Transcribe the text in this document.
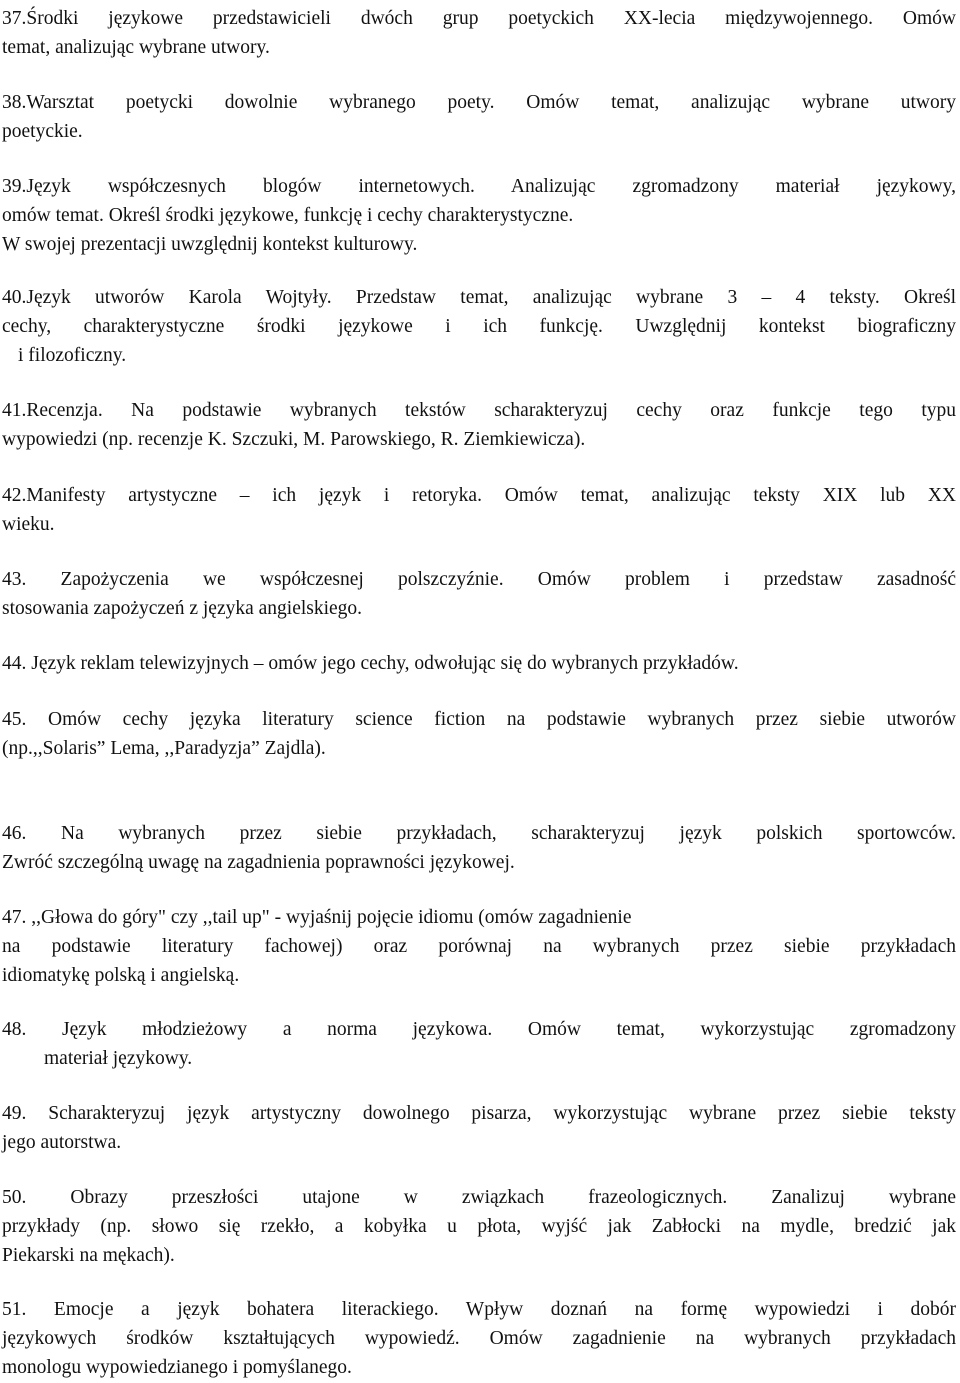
37.Środki językowe przedstawicieli dwóch grup poetyckich XX-lecia międzywojennego. Omów
temat, analizując wybrane utwory.
38.Warsztat poetycki dowolnie wybranego poety. Omów temat, analizując wybrane utwory
poetyckie.
39.Język współczesnych blogów internetowych. Analizując zgromadzony materiał językowy,
omów temat. Określ środki językowe, funkcję i cechy charakterystyczne.
W swojej prezentacji uwzględnij kontekst kulturowy.
40.Język utworów Karola Wojtyły. Przedstaw temat, analizując wybrane 3 – 4 teksty. Określ
cechy, charakterystyczne środki językowe i ich funkcję. Uwzględnij kontekst biograficzny
i filozoficzny.
41.Recenzja. Na podstawie wybranych tekstów scharakteryzuj cechy oraz funkcje tego typu
wypowiedzi (np. recenzje K. Szczuki, M. Parowskiego, R. Ziemkiewicza).
42.Manifesty artystyczne – ich język i retoryka. Omów temat, analizując teksty XIX lub XX
wieku.
43. Zapożyczenia we współczesnej polszczyźnie. Omów problem i przedstaw zasadność
stosowania zapożyczeń z języka angielskiego.
44. Język reklam telewizyjnych – omów jego cechy, odwołując się do wybranych przykładów.
45. Omów cechy języka literatury science fiction na podstawie wybranych przez siebie utworów
(np.,,Solaris” Lema, ,,Paradyzja” Zajdla).
46. Na wybranych przez siebie przykładach, scharakteryzuj język polskich sportowców.
Zwróć szczególną uwagę na zagadnienia poprawności językowej.
47. ,,Głowa do góry" czy ,,tail up" - wyjaśnij pojęcie idiomu (omów zagadnienie
na podstawie literatury fachowej) oraz porównaj na wybranych przez siebie przykładach
idiomatykę polską i angielską.
48. Język młodzieżowy a norma językowa. Omów temat, wykorzystując zgromadzony
materiał językowy.
49. Scharakteryzuj język artystyczny dowolnego pisarza, wykorzystując wybrane przez siebie teksty
jego autorstwa.
50. Obrazy przeszłości utajone w związkach frazeologicznych. Zanalizuj wybrane
przykłady (np. słowo się rzekło, a kobyłka u płota, wyjść jak Zabłocki na mydle, bredzić jak
Piekarski na mękach).
51. Emocje a język bohatera literackiego. Wpływ doznań na formę wypowiedzi i dobór
językowych środków kształtujących wypowiedź. Omów zagadnienie na wybranych przykładach
monologu wypowiedzianego i pomyślanego.
